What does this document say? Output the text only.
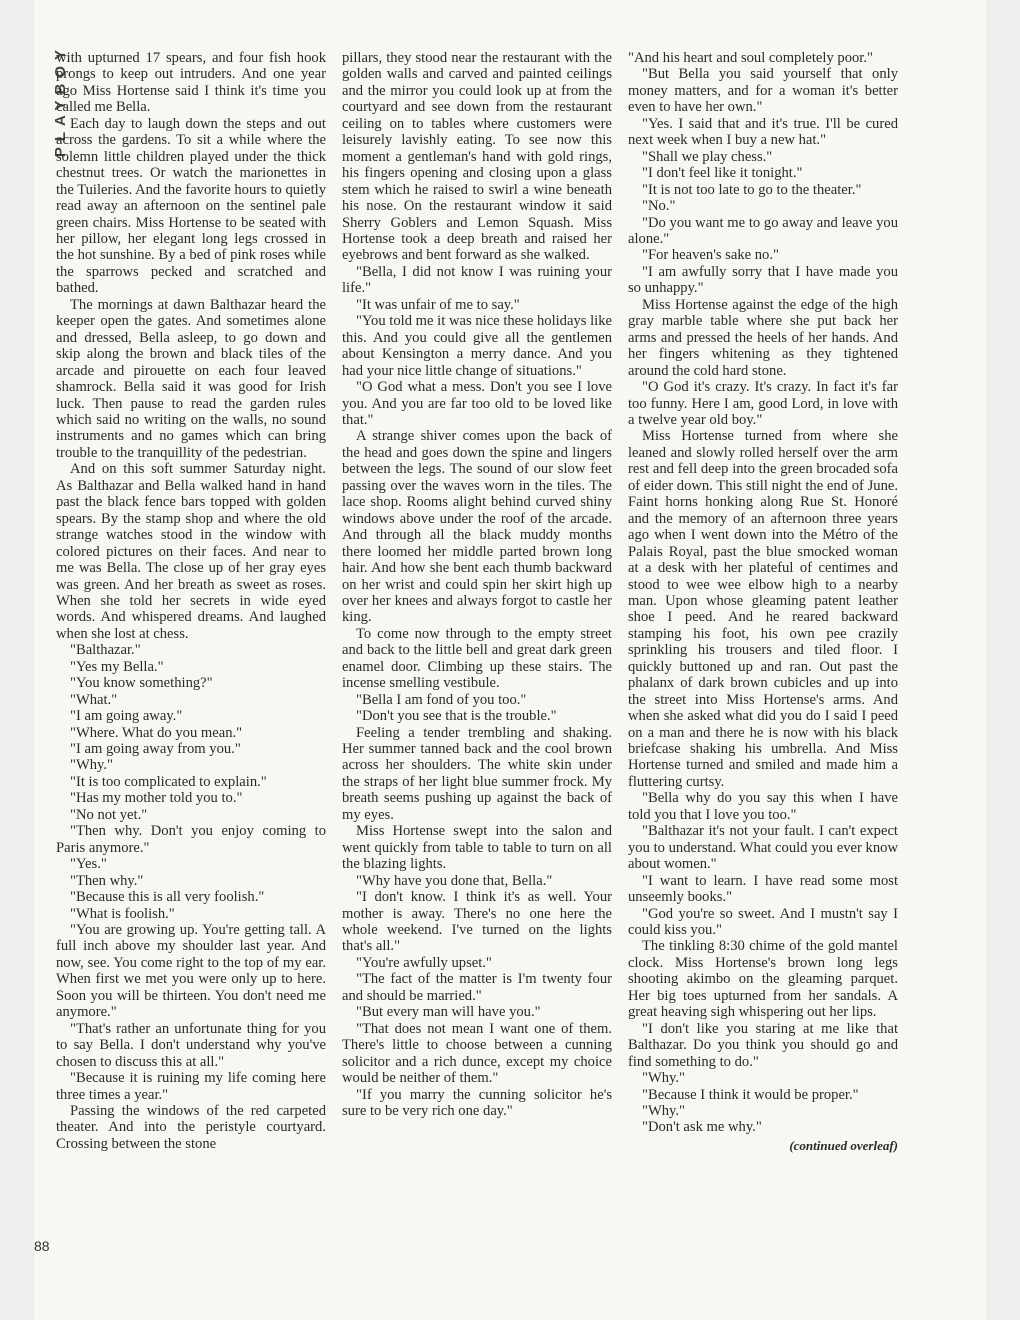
PLAYBOY
88

with upturned 17 spears, and four fish hook prongs to keep out intruders. And one year ago Miss Hortense said I think it's time you called me Bella.

Each day to laugh down the steps and out across the gardens. To sit a while where the solemn little children played under the thick chestnut trees. Or watch the marionettes in the Tuileries. And the favorite hours to quietly read away an afternoon on the sentinel pale green chairs. Miss Hortense to be seated with her pillow, her elegant long legs crossed in the hot sunshine. By a bed of pink roses while the sparrows pecked and scratched and bathed.

The mornings at dawn Balthazar heard the keeper open the gates. And sometimes alone and dressed, Bella asleep, to go down and skip along the brown and black tiles of the arcade and pirouette on each four leaved shamrock. Bella said it was good for Irish luck. Then pause to read the garden rules which said no writing on the walls, no sound instruments and no games which can bring trouble to the tranquillity of the pedestrian.

And on this soft summer Saturday night. As Balthazar and Bella walked hand in hand past the black fence bars topped with golden spears. By the stamp shop and where the old strange watches stood in the window with colored pictures on their faces. And near to me was Bella. The close up of her gray eyes was green. And her breath as sweet as roses. When she told her secrets in wide eyed words. And whispered dreams. And laughed when she lost at chess.

"Balthazar."

"Yes my Bella."

"You know something?"

"What."

"I am going away."

"Where. What do you mean."

"I am going away from you."

"Why."

"It is too complicated to explain."

"Has my mother told you to."

"No not yet."

"Then why. Don't you enjoy coming to Paris anymore."

"Yes."

"Then why."

"Because this is all very foolish."

"What is foolish."

"You are growing up. You're getting tall. A full inch above my shoulder last year. And now, see. You come right to the top of my ear. When first we met you were only up to here. Soon you will be thirteen. You don't need me anymore."

"That's rather an unfortunate thing for you to say Bella. I don't understand why you've chosen to discuss this at all."

"Because it is ruining my life coming here three times a year."

Passing the windows of the red carpeted theater. And into the peristyle courtyard. Crossing between the stone

pillars, they stood near the restaurant with the golden walls and carved and painted ceilings and the mirror you could look up at from the courtyard and see down from the restaurant ceiling on to tables where customers were leisurely lavishly eating. To see now this moment a gentleman's hand with gold rings, his fingers opening and closing upon a glass stem which he raised to swirl a wine beneath his nose. On the restaurant window it said Sherry Goblers and Lemon Squash. Miss Hortense took a deep breath and raised her eyebrows and bent forward as she walked.

"Bella, I did not know I was ruining your life."

"It was unfair of me to say."

"You told me it was nice these holidays like this. And you could give all the gentlemen about Kensington a merry dance. And you had your nice little change of situations."

"O God what a mess. Don't you see I love you. And you are far too old to be loved like that."

A strange shiver comes upon the back of the head and goes down the spine and lingers between the legs. The sound of our slow feet passing over the waves worn in the tiles. The lace shop. Rooms alight behind curved shiny windows above under the roof of the arcade. And through all the black muddy months there loomed her middle parted brown long hair. And how she bent each thumb backward on her wrist and could spin her skirt high up over her knees and always forgot to castle her king.

To come now through to the empty street and back to the little bell and great dark green enamel door. Climbing up these stairs. The incense smelling vestibule.

"Bella I am fond of you too."

"Don't you see that is the trouble."

Feeling a tender trembling and shaking. Her summer tanned back and the cool brown across her shoulders. The white skin under the straps of her light blue summer frock. My breath seems pushing up against the back of my eyes.

Miss Hortense swept into the salon and went quickly from table to table to turn on all the blazing lights.

"Why have you done that, Bella."

"I don't know. I think it's as well. Your mother is away. There's no one here the whole weekend. I've turned on the lights that's all."

"You're awfully upset."

"The fact of the matter is I'm twenty four and should be married."

"But every man will have you."

"That does not mean I want one of them. There's little to choose between a cunning solicitor and a rich dunce, except my choice would be neither of them."

"If you marry the cunning solicitor he's sure to be very rich one day."

"And his heart and soul completely poor."

"But Bella you said yourself that only money matters, and for a woman it's better even to have her own."

"Yes. I said that and it's true. I'll be cured next week when I buy a new hat."

"Shall we play chess."

"I don't feel like it tonight."

"It is not too late to go to the theater."

"No."

"Do you want me to go away and leave you alone."

"For heaven's sake no."

"I am awfully sorry that I have made you so unhappy."

Miss Hortense against the edge of the high gray marble table where she put back her arms and pressed the heels of her hands. And her fingers whitening as they tightened around the cold hard stone.

"O God it's crazy. It's crazy. In fact it's far too funny. Here I am, good Lord, in love with a twelve year old boy."

Miss Hortense turned from where she leaned and slowly rolled herself over the arm rest and fell deep into the green brocaded sofa of eider down. This still night the end of June. Faint horns honking along Rue St. Honoré and the memory of an afternoon three years ago when I went down into the Métro of the Palais Royal, past the blue smocked woman at a desk with her plateful of centimes and stood to wee wee elbow high to a nearby man. Upon whose gleaming patent leather shoe I peed. And he reared backward stamping his foot, his own pee crazily sprinkling his trousers and tiled floor. I quickly buttoned up and ran. Out past the phalanx of dark brown cubicles and up into the street into Miss Hortense's arms. And when she asked what did you do I said I peed on a man and there he is now with his black briefcase shaking his umbrella. And Miss Hortense turned and smiled and made him a fluttering curtsy.

"Bella why do you say this when I have told you that I love you too."

"Balthazar it's not your fault. I can't expect you to understand. What could you ever know about women."

"I want to learn. I have read some most unseemly books."

"God you're so sweet. And I mustn't say I could kiss you."

The tinkling 8:30 chime of the gold mantel clock. Miss Hortense's brown long legs shooting akimbo on the gleaming parquet. Her big toes upturned from her sandals. A great heaving sigh whispering out her lips.

"I don't like you staring at me like that Balthazar. Do you think you should go and find something to do."

"Why."

"Because I think it would be proper."

"Why."

"Don't ask me why."

(continued overleaf)
